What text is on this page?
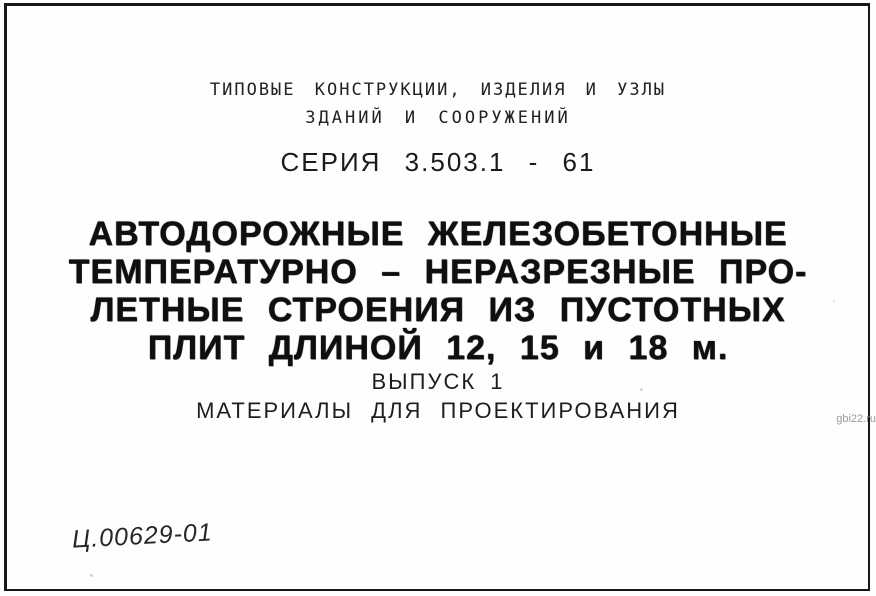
ТИПОВЫЕ КОНСТРУКЦИИ, ИЗДЕЛИЯ И УЗЛЫ
ЗДАНИЙ И СООРУЖЕНИЙ
СЕРИЯ 3.503.1 - 61
АВТОДОРОЖНЫЕ ЖЕЛЕЗОБЕТОННЫЕ
ТЕМПЕРАТУРНО – НЕРАЗРЕЗНЫЕ ПРО-
ЛЕТНЫЕ СТРОЕНИЯ ИЗ ПУСТОТНЫХ
ПЛИТ ДЛИНОЙ 12, 15 и 18 м.
ВЫПУСК 1
МАТЕРИАЛЫ ДЛЯ ПРОЕКТИРОВАНИЯ
Ц.00629-01
gbi22.ru
